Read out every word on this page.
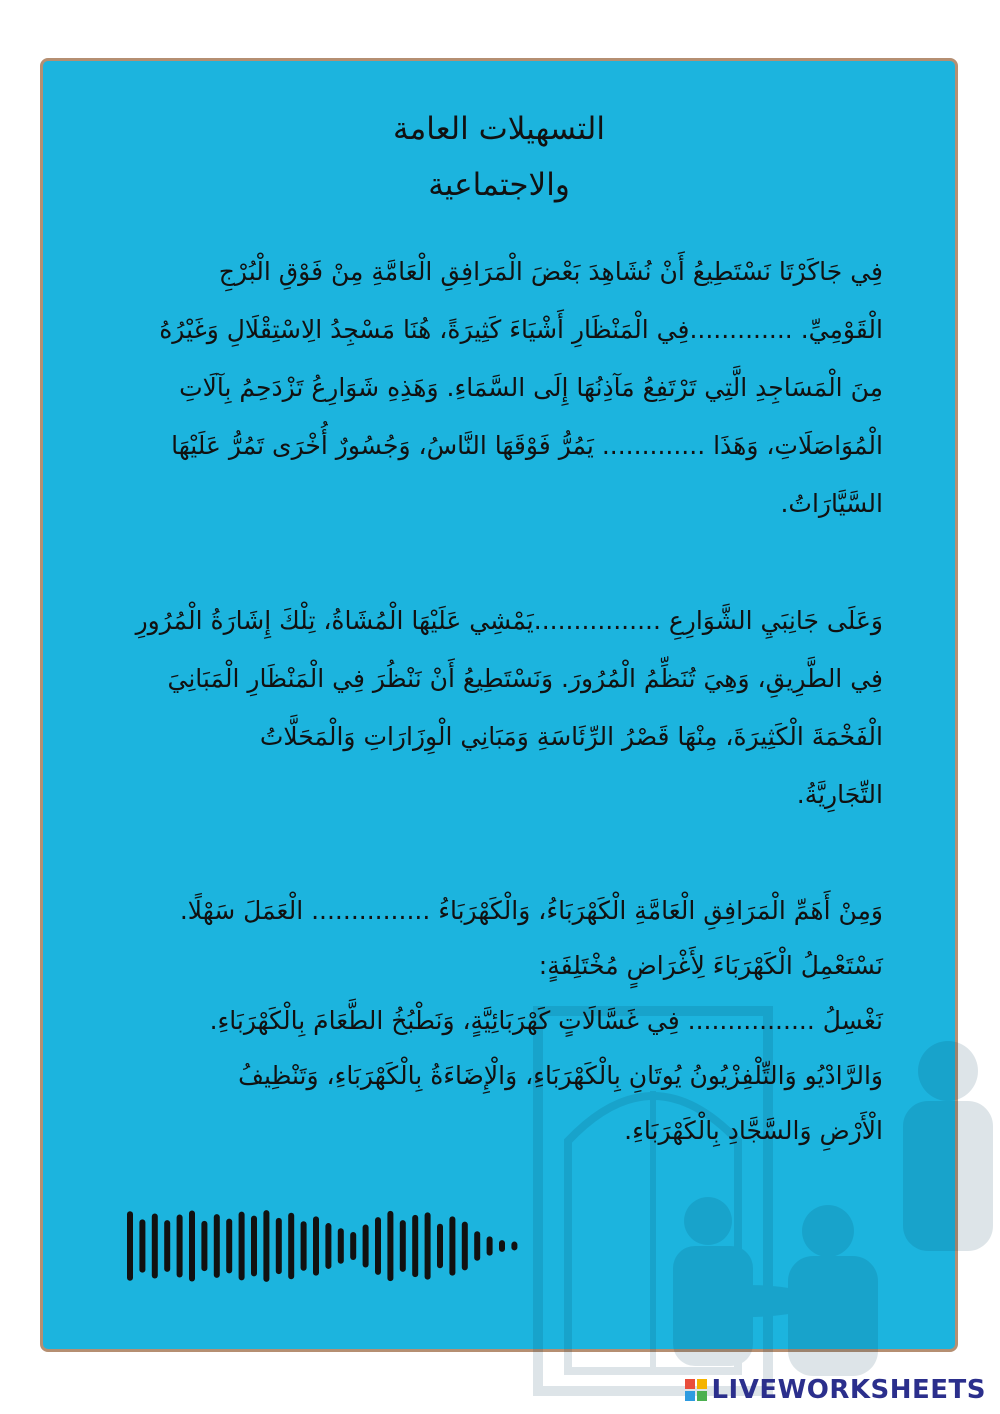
التسهيلات العامة
والاجتماعية
فِي جَاكَرْتَا نَسْتَطِيعُ أَنْ نُشَاهِدَ بَعْضَ الْمَرَافِقِ الْعَامَّةِ مِنْ فَوْقِ الْبُرْجِ
الْقَوْمِيِّ. .............فِي الْمَنْظَارِ أَشْيَاءَ كَثِيرَةً، هُنَا مَسْجِدُ الِاسْتِقْلَالِ وَغَيْرُهُ
مِنَ الْمَسَاجِدِ الَّتِي تَرْتَفِعُ مَآذِنُهَا إِلَى السَّمَاءِ. وَهَذِهِ شَوَارِعُ تَزْدَحِمُ بِآلَاتِ
الْمُوَاصَلَاتِ، وَهَذَا ............. يَمُرُّ فَوْقَهَا النَّاسُ، وَجُسُورٌ أُخْرَى تَمُرُّ عَلَيْهَا
السَّيَّارَاتُ.
وَعَلَى جَانِبَيِ الشَّوَارِعِ ................يَمْشِي عَلَيْهَا الْمُشَاةُ، تِلْكَ إِشَارَةُ الْمُرُورِ
فِي الطَّرِيقِ، وَهِيَ تُنَظِّمُ الْمُرُورَ. وَنَسْتَطِيعُ أَنْ نَنْظُرَ فِي الْمَنْظَارِ الْمَبَانِيَ
الْفَخْمَةَ الْكَثِيرَةَ، مِنْهَا قَصْرُ الرِّئَاسَةِ وَمَبَانِي الْوِزَارَاتِ وَالْمَحَلَّاتُ
التِّجَارِيَّةُ.
وَمِنْ أَهَمِّ الْمَرَافِقِ الْعَامَّةِ الْكَهْرَبَاءُ، وَالْكَهْرَبَاءُ ............... الْعَمَلَ سَهْلًا.
نَسْتَعْمِلُ الْكَهْرَبَاءَ لِأَغْرَاضٍ مُخْتَلِفَةٍ:
نَغْسِلُ ................ فِي غَسَّالَاتٍ كَهْرَبَائِيَّةٍ، وَنَطْبُخُ الطَّعَامَ بِالْكَهْرَبَاءِ.
وَالرَّادْيُو وَالتِّلْفِزْيُونُ يُوتَانِ بِالْكَهْرَبَاءِ، وَالْإِضَاءَةُ بِالْكَهْرَبَاءِ، وَتَنْظِيفُ
الْأَرْضِ وَالسَّجَّادِ بِالْكَهْرَبَاءِ.
LIVEWORKSHEETS
